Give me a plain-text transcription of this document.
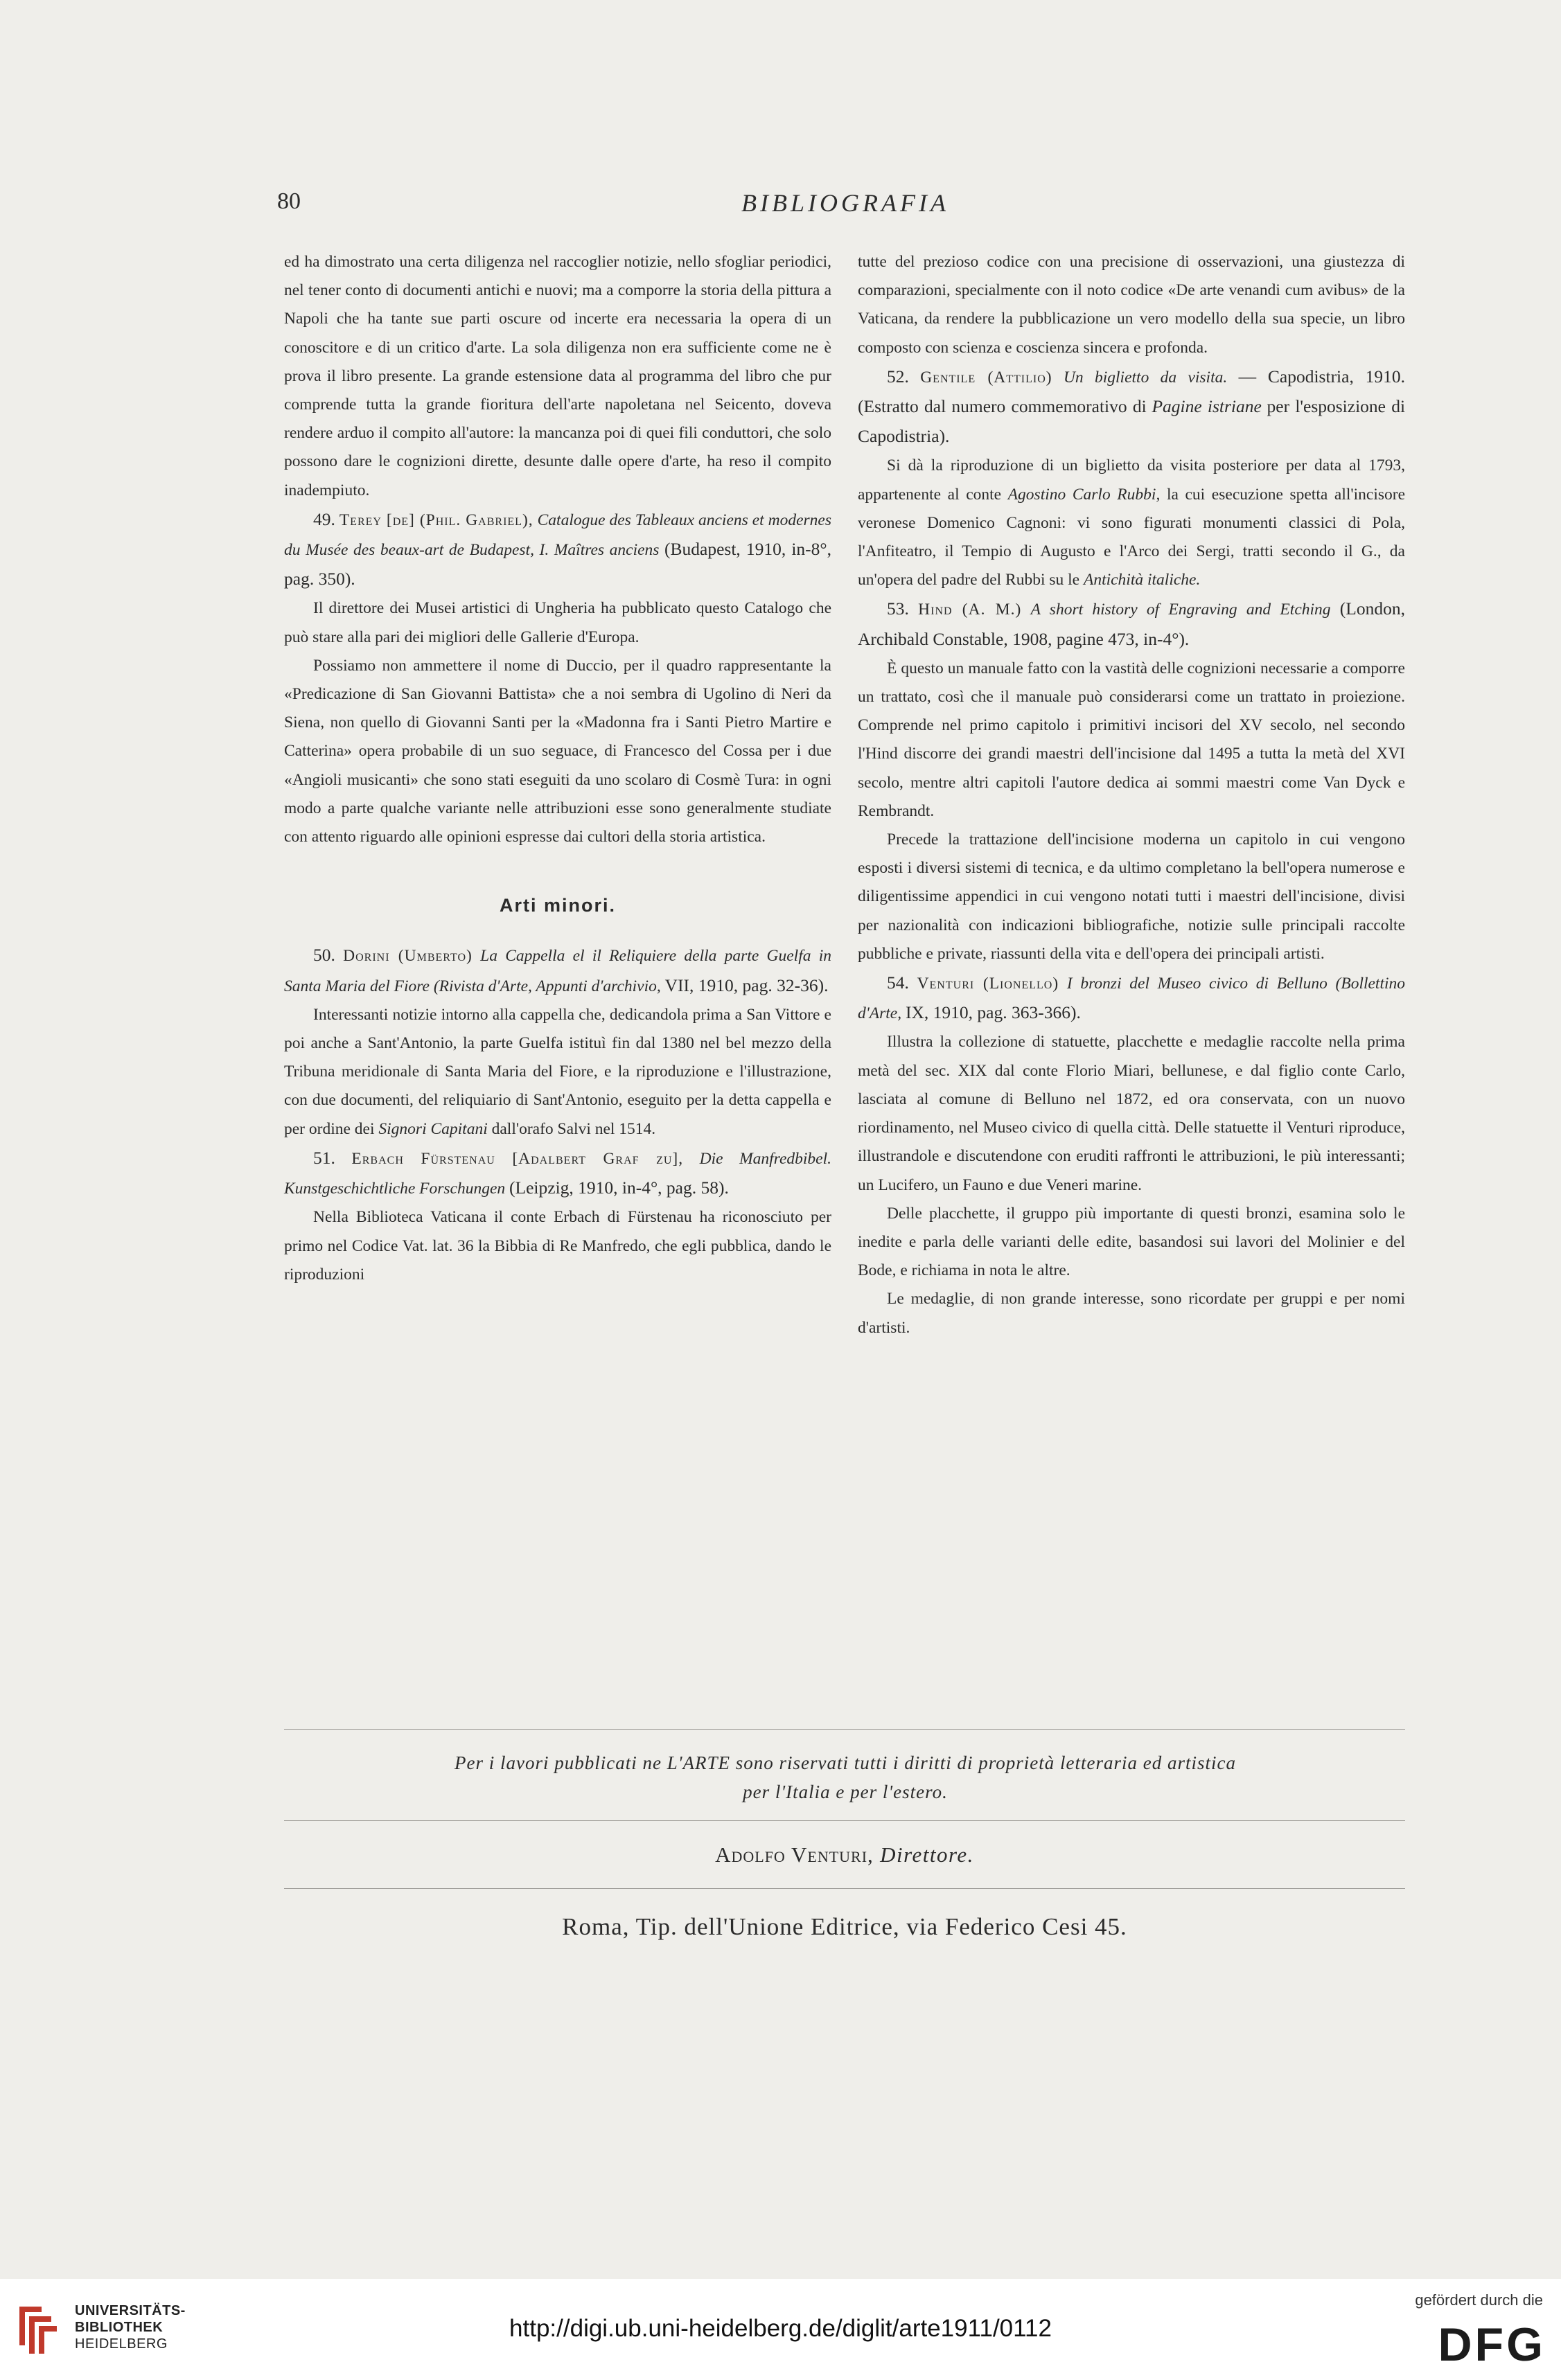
80	BIBLIOGRAFIA

ed ha dimostrato una certa diligenza nel raccoglier notizie, nello sfogliar periodici, nel tener conto di documenti antichi e nuovi; ma a comporre la storia della pittura a Napoli che ha tante sue parti oscure od incerte era necessaria la opera di un conoscitore e di un critico d'arte. La sola diligenza non era sufficiente come ne è prova il libro presente. La grande estensione data al programma del libro che pur comprende tutta la grande fioritura dell'arte napoletana nel Seicento, doveva rendere arduo il compito all'autore: la mancanza poi di quei fili conduttori, che solo possono dare le cognizioni dirette, desunte dalle opere d'arte, ha reso il compito inadempiuto.

49. Terey [de] (Phil. Gabriel), Catalogue des Tableaux anciens et modernes du Musée des beaux-art de Budapest, I. Maîtres anciens (Budapest, 1910, in-8°, pag. 350).

Il direttore dei Musei artistici di Ungheria ha pubblicato questo Catalogo che può stare alla pari dei migliori delle Gallerie d'Europa.

Possiamo non ammettere il nome di Duccio, per il quadro rappresentante la «Predicazione di San Giovanni Battista» che a noi sembra di Ugolino di Neri da Siena, non quello di Giovanni Santi per la «Madonna fra i Santi Pietro Martire e Catterina» opera probabile di un suo seguace, di Francesco del Cossa per i due «Angioli musicanti» che sono stati eseguiti da uno scolaro di Cosmè Tura: in ogni modo a parte qualche variante nelle attribuzioni esse sono generalmente studiate con attento riguardo alle opinioni espresse dai cultori della storia artistica.

Arti minori.

50. Dorini (Umberto) La Cappella el il Reliquiere della parte Guelfa in Santa Maria del Fiore (Rivista d'Arte, Appunti d'archivio, VII, 1910, pag. 32-36).

Interessanti notizie intorno alla cappella che, dedicandola prima a San Vittore e poi anche a Sant'Antonio, la parte Guelfa istituì fin dal 1380 nel bel mezzo della Tribuna meridionale di Santa Maria del Fiore, e la riproduzione e l'illustrazione, con due documenti, del reliquiario di Sant'Antonio, eseguito per la detta cappella e per ordine dei Signori Capitani dall'orafo Salvi nel 1514.

51. Erbach Fürstenau [Adalbert Graf zu], Die Manfredbibel. Kunstgeschichtliche Forschungen (Leipzig, 1910, in-4°, pag. 58).

Nella Biblioteca Vaticana il conte Erbach di Fürstenau ha riconosciuto per primo nel Codice Vat. lat. 36 la Bibbia di Re Manfredo, che egli pubblica, dando le riproduzioni

tutte del prezioso codice con una precisione di osservazioni, una giustezza di comparazioni, specialmente con il noto codice «De arte venandi cum avibus» de la Vaticana, da rendere la pubblicazione un vero modello della sua specie, un libro composto con scienza e coscienza sincera e profonda.

52. Gentile (Attilio) Un biglietto da visita. — Capodistria, 1910. (Estratto dal numero commemorativo di Pagine istriane per l'esposizione di Capodistria).

Si dà la riproduzione di un biglietto da visita posteriore per data al 1793, appartenente al conte Agostino Carlo Rubbi, la cui esecuzione spetta all'incisore veronese Domenico Cagnoni: vi sono figurati monumenti classici di Pola, l'Anfiteatro, il Tempio di Augusto e l'Arco dei Sergi, tratti secondo il G., da un'opera del padre del Rubbi su le Antichità italiche.

53. Hind (A. M.) A short history of Engraving and Etching (London, Archibald Constable, 1908, pagine 473, in-4°).

È questo un manuale fatto con la vastità delle cognizioni necessarie a comporre un trattato, così che il manuale può considerarsi come un trattato in proiezione. Comprende nel primo capitolo i primitivi incisori del XV secolo, nel secondo l'Hind discorre dei grandi maestri dell'incisione dal 1495 a tutta la metà del XVI secolo, mentre altri capitoli l'autore dedica ai sommi maestri come Van Dyck e Rembrandt.

Precede la trattazione dell'incisione moderna un capitolo in cui vengono esposti i diversi sistemi di tecnica, e da ultimo completano la bell'opera numerose e diligentissime appendici in cui vengono notati tutti i maestri dell'incisione, divisi per nazionalità con indicazioni bibliografiche, notizie sulle principali raccolte pubbliche e private, riassunti della vita e dell'opera dei principali artisti.

54. Venturi (Lionello) I bronzi del Museo civico di Belluno (Bollettino d'Arte, IX, 1910, pag. 363-366).

Illustra la collezione di statuette, placchette e medaglie raccolte nella prima metà del sec. XIX dal conte Florio Miari, bellunese, e dal figlio conte Carlo, lasciata al comune di Belluno nel 1872, ed ora conservata, con un nuovo riordinamento, nel Museo civico di quella città. Delle statuette il Venturi riproduce, illustrandole e discutendone con eruditi raffronti le attribuzioni, le più interessanti; un Lucifero, un Fauno e due Veneri marine.

Delle placchette, il gruppo più importante di questi bronzi, esamina solo le inedite e parla delle varianti delle edite, basandosi sui lavori del Molinier e del Bode, e richiama in nota le altre.

Le medaglie, di non grande interesse, sono ricordate per gruppi e per nomi d'artisti.

Per i lavori pubblicati ne L'ARTE sono riservati tutti i diritti di proprietà letteraria ed artistica
per l'Italia e per l'estero.
Adolfo Venturi, Direttore.
Roma, Tip. dell'Unione Editrice, via Federico Cesi 45.
UNIVERSITÄTS-
BIBLIOTHEK
HEIDELBERG
http://digi.ub.uni-heidelberg.de/diglit/arte1911/0112
gefördert durch die
DFG
